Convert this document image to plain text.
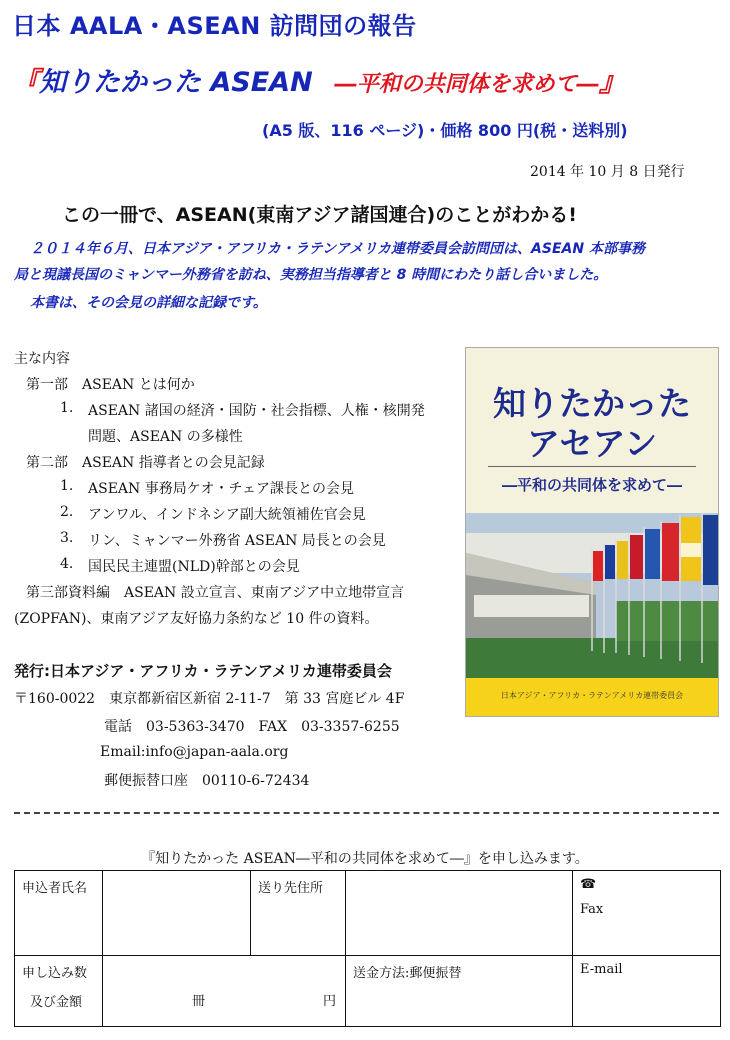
日本 AALA・ASEAN 訪問団の報告
『知りたかった ASEAN ―平和の共同体を求めて―』
(A5 版、116 ページ)・価格 800 円(税・送料別)
2014 年 10 月 8 日発行
この一冊で、ASEAN(東南アジア諸国連合)のことがわかる!
２０１４年６月、日本アジア・アフリカ・ラテンアメリカ連帯委員会訪問団は、ASEAN 本部事務
局と現議長国のミャンマー外務省を訪ね、実務担当指導者と 8 時間にわたり話し合いました。
本書は、その会見の詳細な記録です。
主な内容
第一部　ASEAN とは何か
1. ASEAN 諸国の経済・国防・社会指標、人権・核開発
問題、ASEAN の多様性
第二部　ASEAN 指導者との会見記録
1. ASEAN 事務局ケオ・チェア課長との会見
2. アンワル、インドネシア副大統領補佐官会見
3. リン、ミャンマー外務省 ASEAN 局長との会見
4. 国民民主連盟(NLD)幹部との会見
第三部資料編　ASEAN 設立宣言、東南アジア中立地帯宣言
(ZOPFAN)、東南アジア友好協力条約など 10 件の資料。
知りたかった
アセアン
―平和の共同体を求めて―
日本アジア・アフリカ・ラテンアメリカ連帯委員会
発行:日本アジア・アフリカ・ラテンアメリカ連帯委員会
〒160-0022　東京都新宿区新宿 2-11-7　第 33 宮庭ビル 4F
電話　03-5363-3470　FAX　03-3357-6255
Email:info@japan-aala.org
郵便振替口座　00110-6-72434
『知りたかった ASEAN―平和の共同体を求めて―』を申し込みます。
申込者氏名		送り先住所		☎
Fax

申し込み数
及び金額	冊 円		送金方法:郵便振替	E-mail
